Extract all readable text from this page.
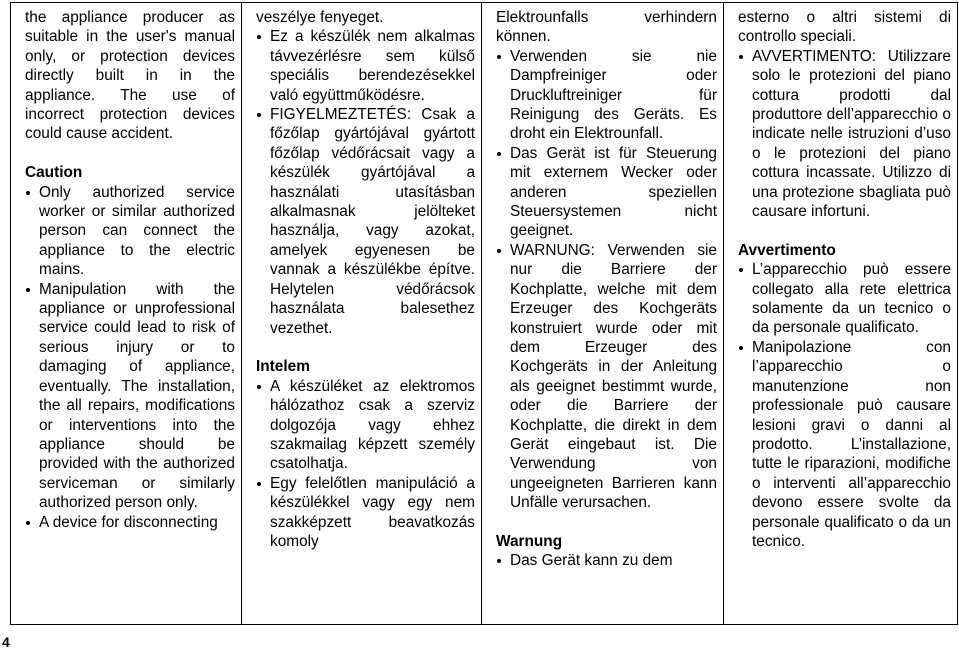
the appliance producer as suitable in the user's manual only, or protection devices directly built in in the appliance. The use of incorrect protection devices could cause accident.

Caution

Only authorized service worker or similar authorized person can connect the appliance to the electric mains.

Manipulation with the appliance or unprofessional service could lead to risk of serious injury or to damaging of appliance, eventually. The installation, the all repairs, modifications or interventions into the appliance should be provided with the authorized serviceman or similarly authorized person only.

A device for disconnecting

veszélye fenyeget.

Ez a készülék nem alkalmas távvezérlésre sem külső speciális berendezésekkel való együttműködésre.

FIGYELMEZTETÉS: Csak a főzőlap gyártójával gyártott főzőlap védőrácsait vagy a készülék gyártójával a használati utasításban alkalmasnak jelölteket használja, vagy azokat, amelyek egyenesen be vannak a készülékbe építve. Helytelen védőrácsok használata balesethez vezethet.

Intelem

A készüléket az elektromos hálózathoz csak a szerviz dolgozója vagy ehhez szakmailag képzett személy csatolhatja.

Egy felelőtlen manipuláció a készülékkel vagy egy nem szakképzett beavatkozás komoly

Elektrounfalls verhindern können.

Verwenden sie nie Dampfreiniger oder Druckluftreiniger für Reinigung des Geräts. Es droht ein Elektrounfall.

Das Gerät ist für Steuerung mit externem Wecker oder anderen speziellen Steuersystemen nicht geeignet.

WARNUNG: Verwenden sie nur die Barriere der Kochplatte, welche mit dem Erzeuger des Kochgeräts konstruiert wurde oder mit dem Erzeuger des Kochgeräts in der Anleitung als geeignet bestimmt wurde, oder die Barriere der Kochplatte, die direkt in dem Gerät eingebaut ist. Die Verwendung von ungeeigneten Barrieren kann Unfälle verursachen.

Warnung

Das Gerät kann zu dem

esterno o altri sistemi di controllo speciali.

AVVERTIMENTO: Utilizzare solo le protezioni del piano cottura prodotti dal produttore dell’apparecchio o indicate nelle istruzioni d’uso o le protezioni del piano cottura incassate. Utilizzo di una protezione sbagliata può causare infortuni.

Avvertimento

L’apparecchio può essere collegato alla rete elettrica solamente da un tecnico o da personale qualificato.

Manipolazione con l’apparecchio o manutenzione non professionale può causare lesioni gravi o danni al prodotto. L’installazione, tutte le riparazioni, modifiche o interventi all’apparecchio devono essere svolte da personale qualificato o da un tecnico.

4
